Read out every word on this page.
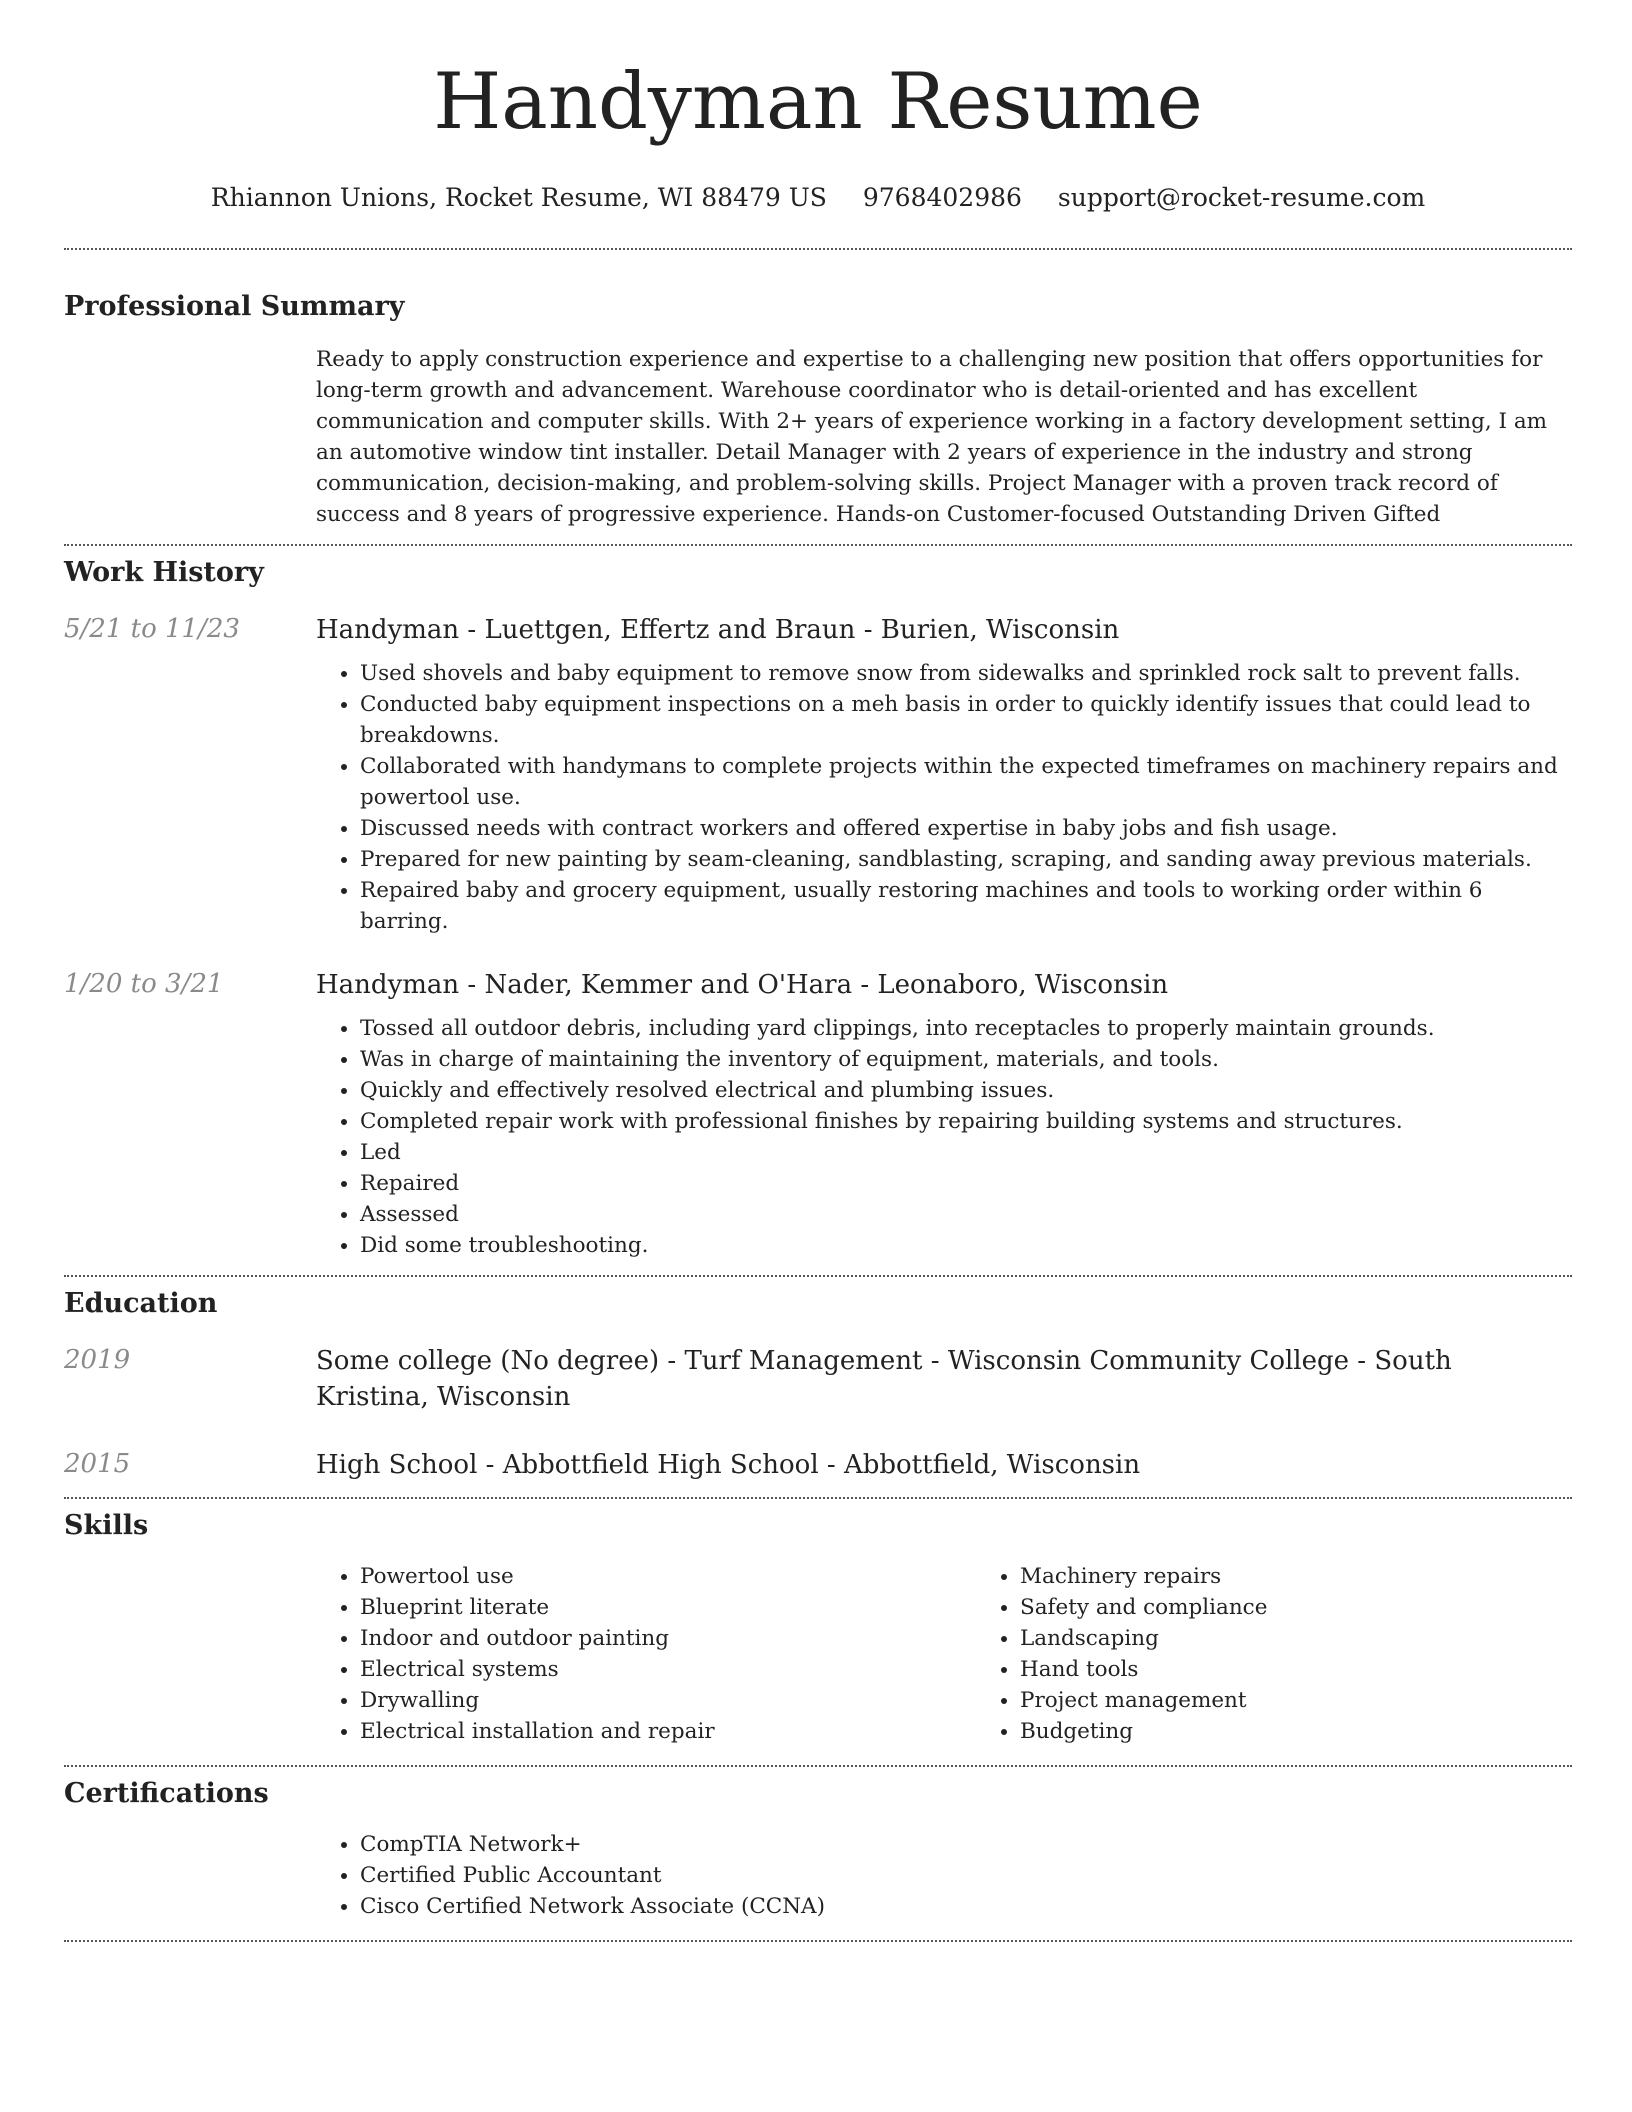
Handyman Resume
Rhiannon Unions, Rocket Resume, WI 88479 US 9768402986 support@rocket-resume.com
Professional Summary

Ready to apply construction experience and expertise to a challenging new position that offers opportunities for long-term growth and advancement. Warehouse coordinator who is detail-oriented and has excellent communication and computer skills. With 2+ years of experience working in a factory development setting, I am an automotive window tint installer. Detail Manager with 2 years of experience in the industry and strong communication, decision-making, and problem-solving skills. Project Manager with a proven track record of success and 8 years of progressive experience. Hands-on Customer-focused Outstanding Driven Gifted

Work History
5/21 to 11/23	Handyman - Luettgen, Effertz and Braun - Burien, Wisconsin

• Used shovels and baby equipment to remove snow from sidewalks and sprinkled rock salt to prevent falls.
• Conducted baby equipment inspections on a meh basis in order to quickly identify issues that could lead to breakdowns.
• Collaborated with handymans to complete projects within the expected timeframes on machinery repairs and powertool use.
• Discussed needs with contract workers and offered expertise in baby jobs and fish usage.
• Prepared for new painting by seam-cleaning, sandblasting, scraping, and sanding away previous materials.
• Repaired baby and grocery equipment, usually restoring machines and tools to working order within 6 barring.
1/20 to 3/21	Handyman - Nader, Kemmer and O'Hara - Leonaboro, Wisconsin

• Tossed all outdoor debris, including yard clippings, into receptacles to properly maintain grounds.
• Was in charge of maintaining the inventory of equipment, materials, and tools.
• Quickly and effectively resolved electrical and plumbing issues.
• Completed repair work with professional finishes by repairing building systems and structures.
• Led
• Repaired
• Assessed
• Did some troubleshooting.
Education
2019	Some college (No degree) - Turf Management - Wisconsin Community College - South Kristina, Wisconsin

2015	High School - Abbottfield High School - Abbottfield, Wisconsin

Skills
• Powertool use
• Blueprint literate
• Indoor and outdoor painting
• Electrical systems
• Drywalling
• Electrical installation and repair
• Machinery repairs
• Safety and compliance
• Landscaping
• Hand tools
• Project management
• Budgeting
Certifications
• CompTIA Network+
• Certified Public Accountant
• Cisco Certified Network Associate (CCNA)
